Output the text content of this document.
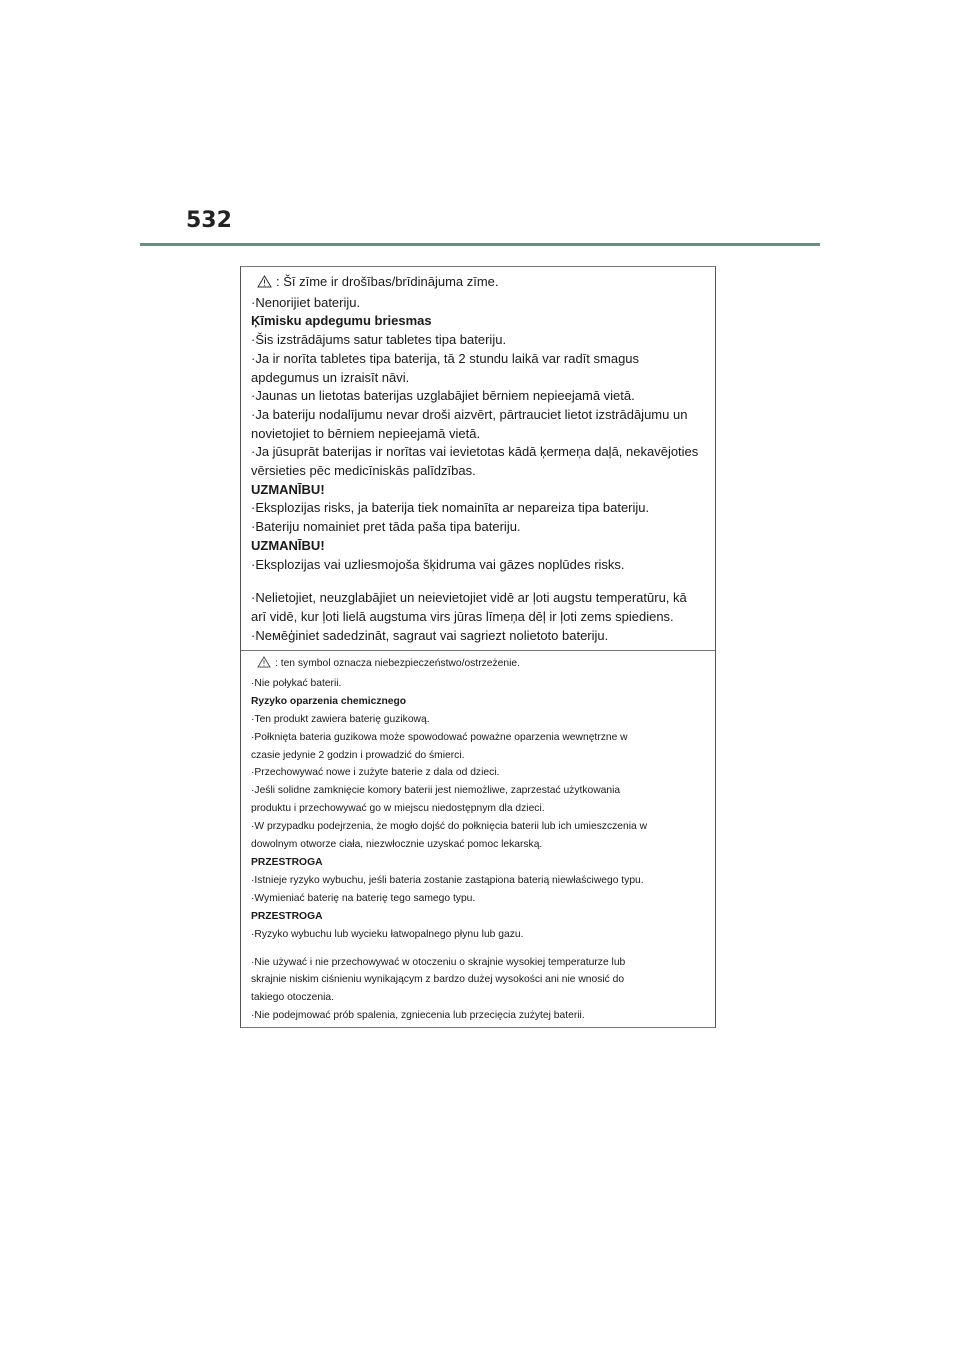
532
: Šī zīme ir drošības/brīdinājuma zīme.
·Nenorijiet bateriju.
Ķīmisku apdegumu briesmas
·Šis izstrādājums satur tabletes tipa bateriju.
·Ja ir norīta tabletes tipa baterija, tā 2 stundu laikā var radīt smagus
apdegumus un izraisīt nāvi.
·Jaunas un lietotas baterijas uzglabājiet bērniem nepieejamā vietā.
·Ja bateriju nodalījumu nevar droši aizvērt, pārtrauciet lietot izstrādājumu un
novietojiet to bērniem nepieejamā vietā.
·Ja jūsuprāt baterijas ir norītas vai ievietotas kādā ķermeņa daļā, nekavējoties
vērsieties pēc medicīniskās palīdzības.
UZMANĪBU!
·Eksplozijas risks, ja baterija tiek nomainīta ar nepareiza tipa bateriju.
·Bateriju nomainiet pret tāda paša tipa bateriju.
UZMANĪBU!
·Eksplozijas vai uzliesmojoša šķidruma vai gāzes noplūdes risks.
·Nelietojiet, neuzglabājiet un neievietojiet vidē ar ļoti augstu temperatūru, kā
arī vidē, kur ļoti lielā augstuma virs jūras līmeņa dēļ ir ļoti zems spiediens.
·Neмēģiniet sadedzināt, sagraut vai sagriezt nolietoto bateriju.
: ten symbol oznacza niebezpieczeństwo/ostrzeżenie.
·Nie połykać baterii.
Ryzyko oparzenia chemicznego
·Ten produkt zawiera baterię guzikową.
·Połknięta bateria guzikowa może spowodować poważne oparzenia wewnętrzne w
czasie jedynie 2 godzin i prowadzić do śmierci.
·Przechowywać nowe i zużyte baterie z dala od dzieci.
·Jeśli solidne zamknięcie komory baterii jest niemożliwe, zaprzestać użytkowania
produktu i przechowywać go w miejscu niedostępnym dla dzieci.
·W przypadku podejrzenia, że mogło dojść do połknięcia baterii lub ich umieszczenia w
dowolnym otworze ciała, niezwłocznie uzyskać pomoc lekarską.
PRZESTROGA
·Istnieje ryzyko wybuchu, jeśli bateria zostanie zastąpiona baterią niewłaściwego typu.
·Wymieniać baterię na baterię tego samego typu.
PRZESTROGA
·Ryzyko wybuchu lub wycieku łatwopalnego płynu lub gazu.
·Nie używać i nie przechowywać w otoczeniu o skrajnie wysokiej temperaturze lub
skrajnie niskim ciśnieniu wynikającym z bardzo dużej wysokości ani nie wnosić do
takiego otoczenia.
·Nie podejmować prób spalenia, zgniecenia lub przecięcia zużytej baterii.
